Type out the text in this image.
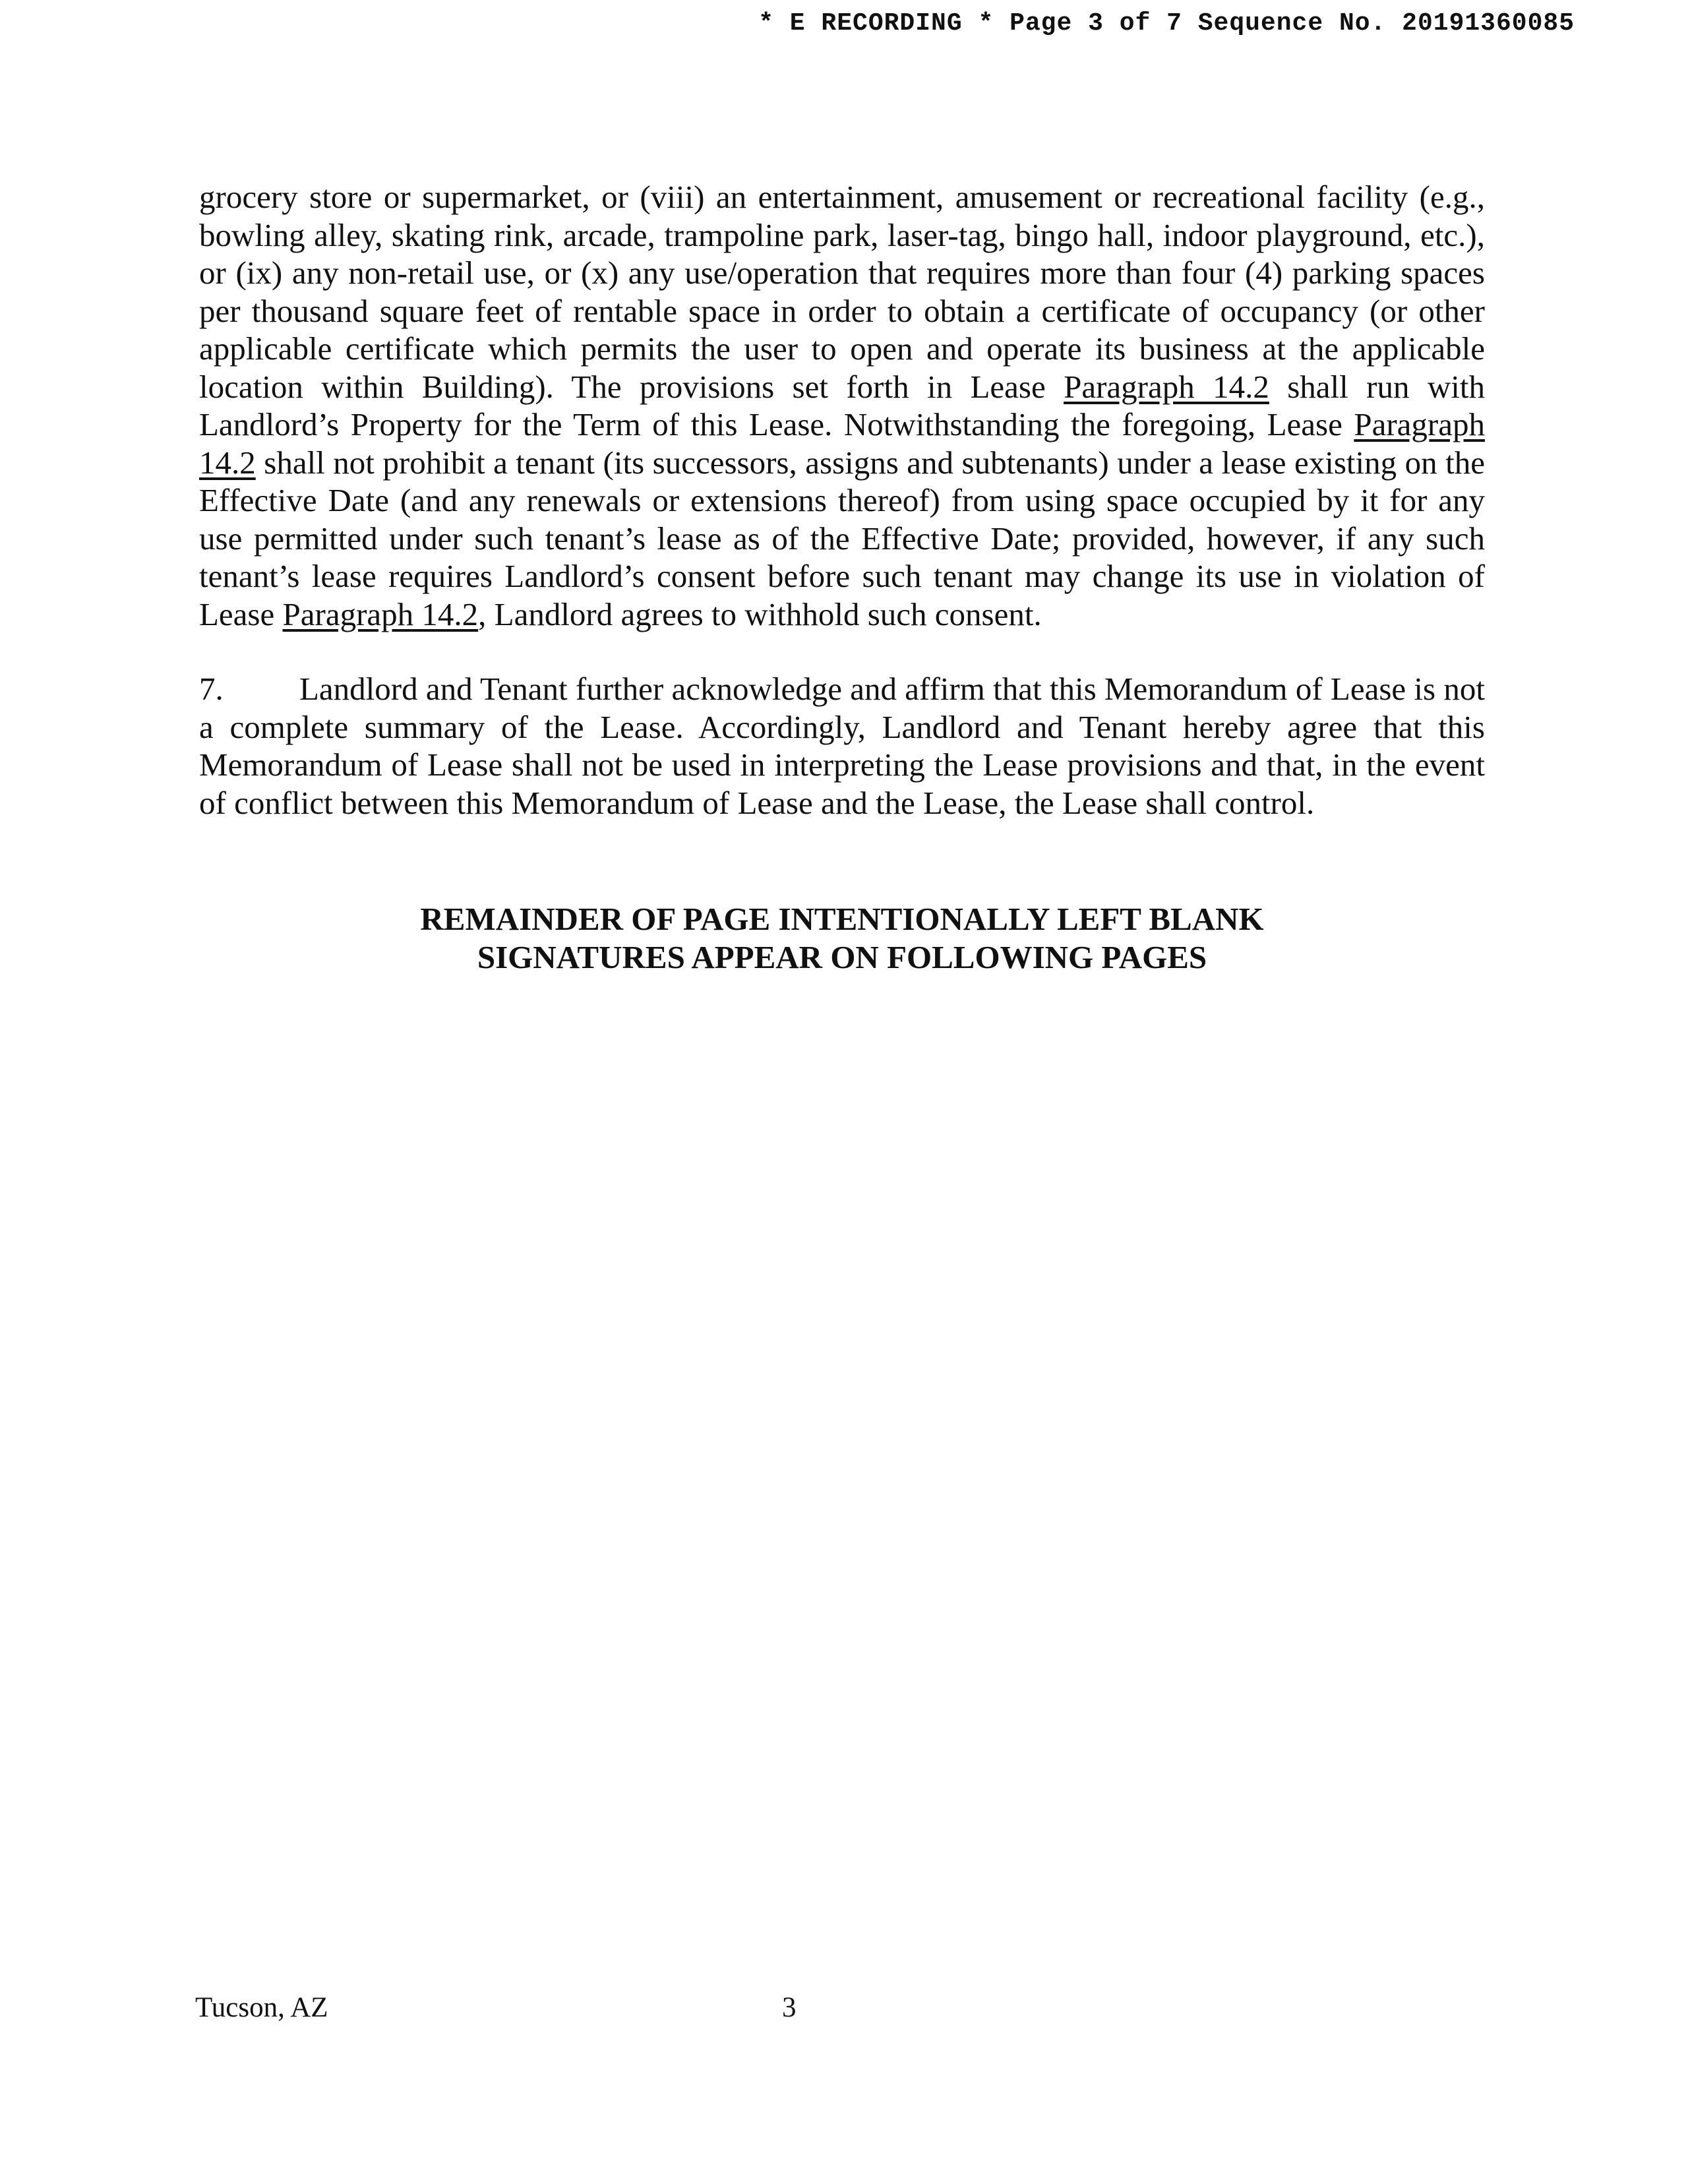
* E RECORDING * Page 3 of 7 Sequence No. 20191360085

grocery store or supermarket, or (viii) an entertainment, amusement or recreational facility (e.g., bowling alley, skating rink, arcade, trampoline park, laser-tag, bingo hall, indoor playground, etc.), or (ix) any non-retail use, or (x) any use/operation that requires more than four (4) parking spaces per thousand square feet of rentable space in order to obtain a certificate of occupancy (or other applicable certificate which permits the user to open and operate its business at the applicable location within Building). The provisions set forth in Lease Paragraph 14.2 shall run with Landlord’s Property for the Term of this Lease. Notwithstanding the foregoing, Lease Paragraph 14.2 shall not prohibit a tenant (its successors, assigns and subtenants) under a lease existing on the Effective Date (and any renewals or extensions thereof) from using space occupied by it for any use permitted under such tenant’s lease as of the Effective Date; provided, however, if any such tenant’s lease requires Landlord’s consent before such tenant may change its use in violation of Lease Paragraph 14.2, Landlord agrees to withhold such consent.

7. Landlord and Tenant further acknowledge and affirm that this Memorandum of Lease is not a complete summary of the Lease. Accordingly, Landlord and Tenant hereby agree that this Memorandum of Lease shall not be used in interpreting the Lease provisions and that, in the event of conflict between this Memorandum of Lease and the Lease, the Lease shall control.

REMAINDER OF PAGE INTENTIONALLY LEFT BLANK
SIGNATURES APPEAR ON FOLLOWING PAGES
Tucson, AZ	3
